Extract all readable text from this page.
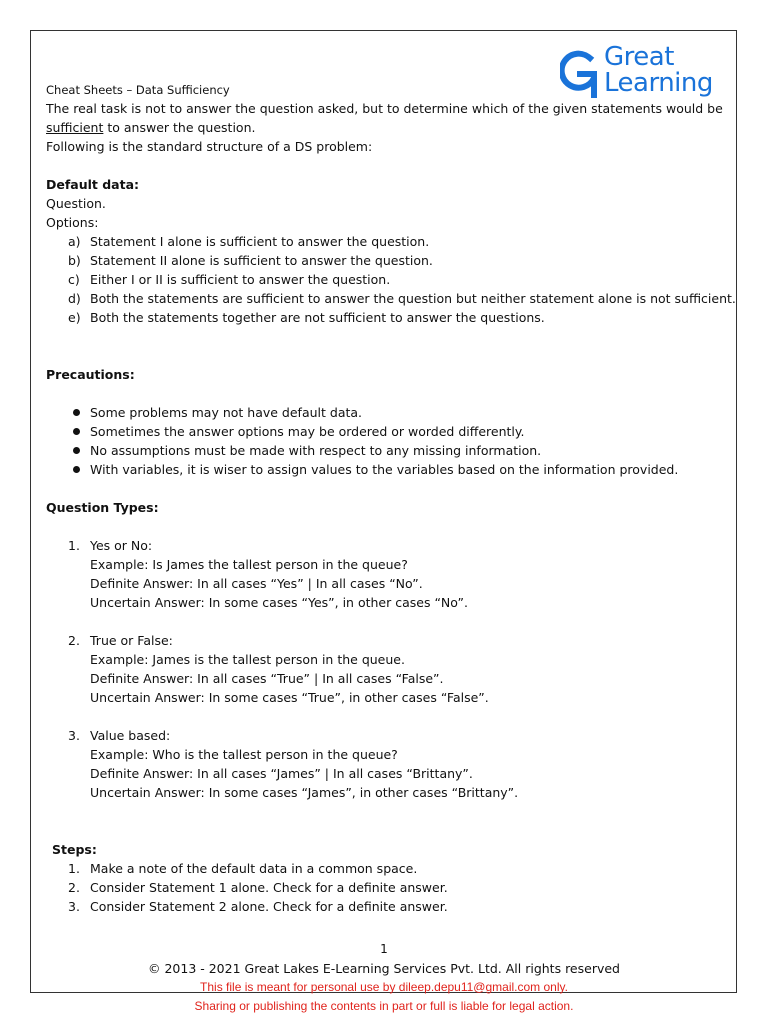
Great
Learning

Cheat Sheets – Data Sufficiency

The real task is not to answer the question asked, but to determine which of the given statements would be

sufficient to answer the question.

Following is the standard structure of a DS problem:

Default data:

Question.

Options:

a) Statement I alone is sufficient to answer the question.
b) Statement II alone is sufficient to answer the question.
c) Either I or II is sufficient to answer the question.
d) Both the statements are sufficient to answer the question but neither statement alone is not sufficient.
e) Both the statements together are not sufficient to answer the questions.

Precautions:

Some problems may not have default data.
Sometimes the answer options may be ordered or worded differently.
No assumptions must be made with respect to any missing information.
With variables, it is wiser to assign values to the variables based on the information provided.

Question Types:

1. Yes or No:

Example: Is James the tallest person in the queue?

Definite Answer: In all cases “Yes” | In all cases “No”.

Uncertain Answer: In some cases “Yes”, in other cases “No”.

2. True or False:

Example: James is the tallest person in the queue.

Definite Answer: In all cases “True” | In all cases “False”.

Uncertain Answer: In some cases “True”, in other cases “False”.

3. Value based:

Example: Who is the tallest person in the queue?

Definite Answer: In all cases “James” | In all cases “Brittany”.

Uncertain Answer: In some cases “James”, in other cases “Brittany”.

Steps:

1. Make a note of the default data in a common space.
2. Consider Statement 1 alone. Check for a definite answer.
3. Consider Statement 2 alone. Check for a definite answer.
1
© 2013 - 2021 Great Lakes E-Learning Services Pvt. Ltd. All rights reserved
This file is meant for personal use by dileep.depu11@gmail.com only.
Sharing or publishing the contents in part or full is liable for legal action.
